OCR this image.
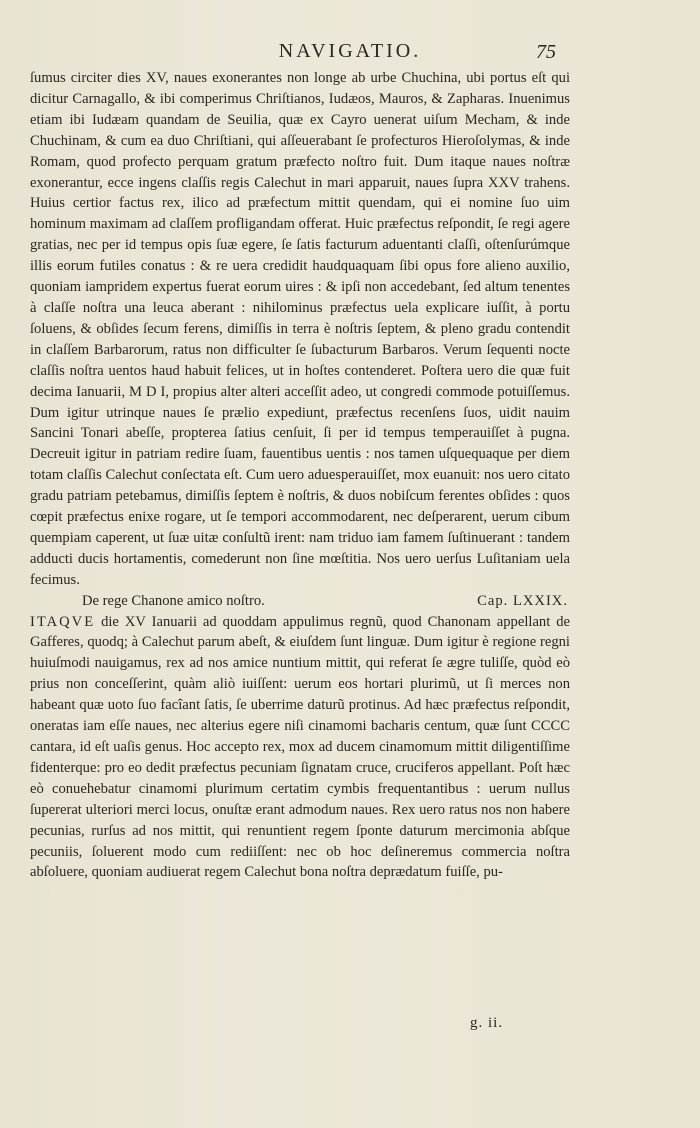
NAVIGATIO.	75

ſumus circiter dies XV, naues exonerantes non longe ab urbe Chuchina, ubi portus eſt qui dicitur Carnagallo, & ibi comperimus Chriſtianos, Iudæos, Mauros, & Zapharas. Inuenimus etiam ibi Iudæam quandam de Seuilia, quæ ex Cayro uenerat uiſum Mecham, & inde Chuchinam, & cum ea duo Chriſtiani, qui aſſeuerabant ſe profecturos Hieroſolymas, & inde Romam, quod profecto perquam gratum præfecto noſtro fuit. Dum itaque naues noſtræ exonerantur, ecce ingens claſſis regis Calechut in mari apparuit, naues ſupra XXV trahens. Huius certior factus rex, ilico ad præfectum mittit quendam, qui ei nomine ſuo uim hominum maximam ad claſſem profligandam offerat. Huic præfectus reſpondit, ſe regi agere gratias, nec per id tempus opis ſuæ egere, ſe ſatis facturum aduentanti claſſi, oſtenſurúmque illis eorum futiles conatus : & re uera credidit haudquaquam ſibi opus fore alieno auxilio, quoniam iampridem expertus fuerat eorum uires : & ipſi non accedebant, ſed altum tenentes à claſſe noſtra una leuca aberant : nihilominus præfectus uela explicare iuſſit, à portu ſoluens, & obſides ſecum ferens, dimiſſis in terra è noſtris ſeptem, & pleno gradu contendit in claſſem Barbarorum, ratus non difficulter ſe ſubacturum Barbaros. Verum ſequenti nocte claſſis noſtra uentos haud habuit felices, ut in hoſtes contenderet. Poſtera uero die quæ fuit decima Ianuarii, M D I, propius alter alteri acceſſit adeo, ut congredi commode potuiſſemus. Dum igitur utrinque naues ſe prælio expediunt, præfectus recenſens ſuos, uidit nauim Sancini Tonari abeſſe, propterea ſatius cenſuit, ſi per id tempus temperauiſſet à pugna. Decreuit igitur in patriam redire ſuam, fauentibus uentis : nos tamen uſquequaque per diem totam claſſis Calechut conſectata eſt. Cum uero aduesperauiſſet, mox euanuit: nos uero citato gradu patriam petebamus, dimiſſis ſeptem è noſtris, & duos nobiſcum ferentes obſides : quos cœpit præfectus enixe rogare, ut ſe tempori accommodarent, nec deſperarent, uerum cibum quempiam caperent, ut ſuæ uitæ conſultũ irent: nam triduo iam famem ſuſtinuerant : tandem adducti ducis hortamentis, comederunt non ſine mœſtitia. Nos uero uerſus Luſitaniam uela fecimus.

De rege Chanone amico noſtro.	Cap. LXXIX.

ITAQVE die XV Ianuarii ad quoddam appulimus regnũ, quod Chanonam appellant de Gafferes, quodq; à Calechut parum abeſt, & eiuſdem ſunt linguæ. Dum igitur è regione regni huiuſmodi nauigamus, rex ad nos amice nuntium mittit, qui referat ſe ægre tuliſſe, quòd eò prius non conceſſerint, quàm aliò iuiſſent: uerum eos hortari plurimũ, ut ſi merces non habeant quæ uoto ſuo facîant ſatis, ſe uberrime daturũ protinus. Ad hæc præfectus reſpondit, oneratas iam eſſe naues, nec alterius egere niſi cinamomi bacharis centum, quæ ſunt CCCC cantara, id eſt uaſis genus. Hoc accepto rex, mox ad ducem cinamomum mittit diligentiſſime fidenterque: pro eo dedit præfectus pecuniam ſignatam cruce, cruciferos appellant. Poſt hæc eò conuehebatur cinamomi plurimum certatim cymbis frequentantibus : uerum nullus ſupererat ulteriori merci locus, onuſtæ erant admodum naues. Rex uero ratus nos non habere pecunias, rurſus ad nos mittit, qui renuntient regem ſponte daturum mercimonia abſque pecuniis, ſoluerent modo cum rediiſſent: nec ob hoc deſineremus commercia noſtra abſoluere, quoniam audiuerat regem Calechut bona noſtra deprædatum fuiſſe, pu-

g. ii.
